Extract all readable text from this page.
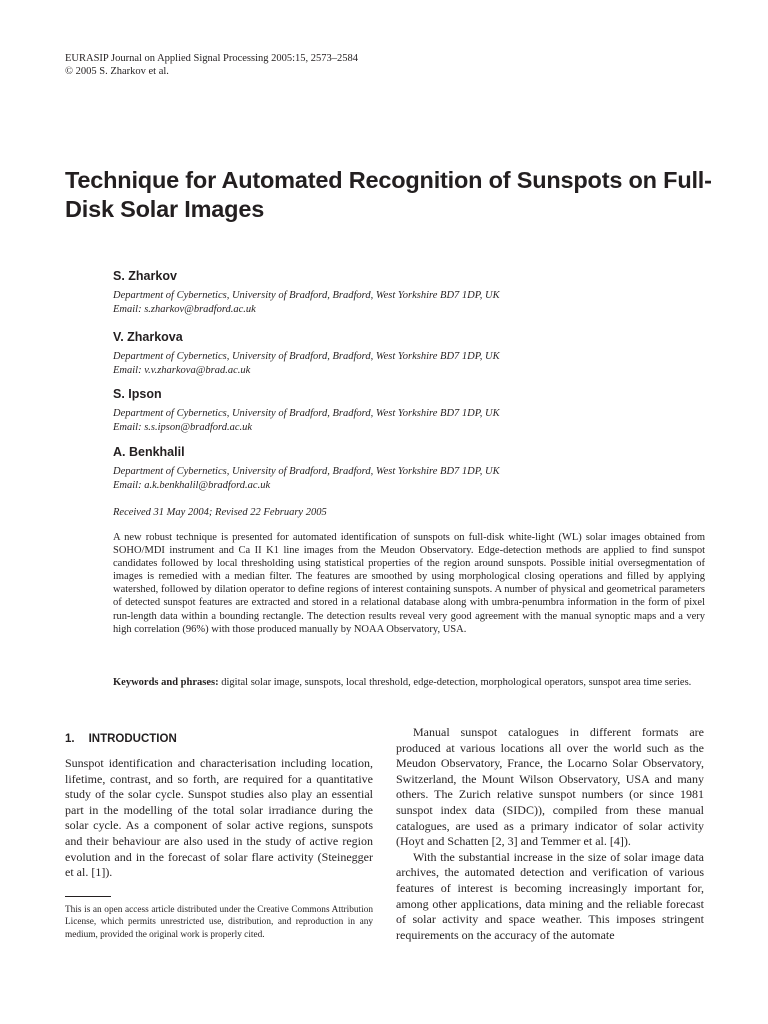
EURASIP Journal on Applied Signal Processing 2005:15, 2573–2584
© 2005 S. Zharkov et al.
Technique for Automated Recognition of Sunspots on Full-Disk Solar Images
S. Zharkov
Department of Cybernetics, University of Bradford, Bradford, West Yorkshire BD7 1DP, UK
Email: s.zharkov@bradford.ac.uk
V. Zharkova
Department of Cybernetics, University of Bradford, Bradford, West Yorkshire BD7 1DP, UK
Email: v.v.zharkova@brad.ac.uk
S. Ipson
Department of Cybernetics, University of Bradford, Bradford, West Yorkshire BD7 1DP, UK
Email: s.s.ipson@bradford.ac.uk
A. Benkhalil
Department of Cybernetics, University of Bradford, Bradford, West Yorkshire BD7 1DP, UK
Email: a.k.benkhalil@bradford.ac.uk
Received 31 May 2004; Revised 22 February 2005
A new robust technique is presented for automated identification of sunspots on full-disk white-light (WL) solar images obtained from SOHO/MDI instrument and Ca II K1 line images from the Meudon Observatory. Edge-detection methods are applied to find sunspot candidates followed by local thresholding using statistical properties of the region around sunspots. Possible initial oversegmentation of images is remedied with a median filter. The features are smoothed by using morphological closing operations and filled by applying watershed, followed by dilation operator to define regions of interest containing sunspots. A number of physical and geometrical parameters of detected sunspot features are extracted and stored in a relational database along with umbra-penumbra information in the form of pixel run-length data within a bounding rectangle. The detection results reveal very good agreement with the manual synoptic maps and a very high correlation (96%) with those produced manually by NOAA Observatory, USA.
Keywords and phrases: digital solar image, sunspots, local threshold, edge-detection, morphological operators, sunspot area time series.
1. INTRODUCTION

Sunspot identification and characterisation including location, lifetime, contrast, and so forth, are required for a quantitative study of the solar cycle. Sunspot studies also play an essential part in the modelling of the total solar irradiance during the solar cycle. As a component of solar active regions, sunspots and their behaviour are also used in the study of active region evolution and in the forecast of solar flare activity (Steinegger et al. [1]).

Manual sunspot catalogues in different formats are produced at various locations all over the world such as the Meudon Observatory, France, the Locarno Solar Observatory, Switzerland, the Mount Wilson Observatory, USA and many others. The Zurich relative sunspot numbers (or since 1981 sunspot index data (SIDC)), compiled from these manual catalogues, are used as a primary indicator of solar activity (Hoyt and Schatten [2, 3] and Temmer et al. [4]).

With the substantial increase in the size of solar image data archives, the automated detection and verification of various features of interest is becoming increasingly important for, among other applications, data mining and the reliable forecast of solar activity and space weather. This imposes stringent requirements on the accuracy of the automate

This is an open access article distributed under the Creative Commons Attribution License, which permits unrestricted use, distribution, and reproduction in any medium, provided the original work is properly cited.
